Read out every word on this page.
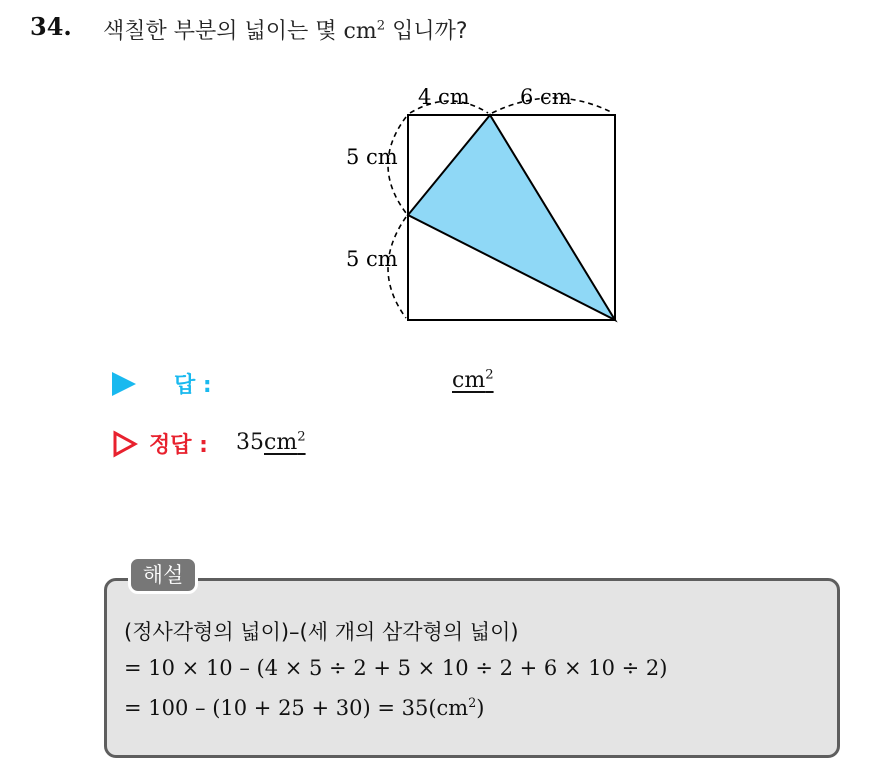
34. 색칠한 부분의 넓이는 몇 $cm^2$ 입니까?
4 cm 6 cm
5 cm
5 cm
답 :	$cm^2$
정답 : $35cm^2$
해설
(정사각형의 넓이)–(세 개의 삼각형의 넓이)
= 10 × 10 – (4 × 5 ÷ 2 + 5 × 10 ÷ 2 + 6 × 10 ÷ 2)
= $100 - (10 + 25 + 30) = 35(cm^2)$
